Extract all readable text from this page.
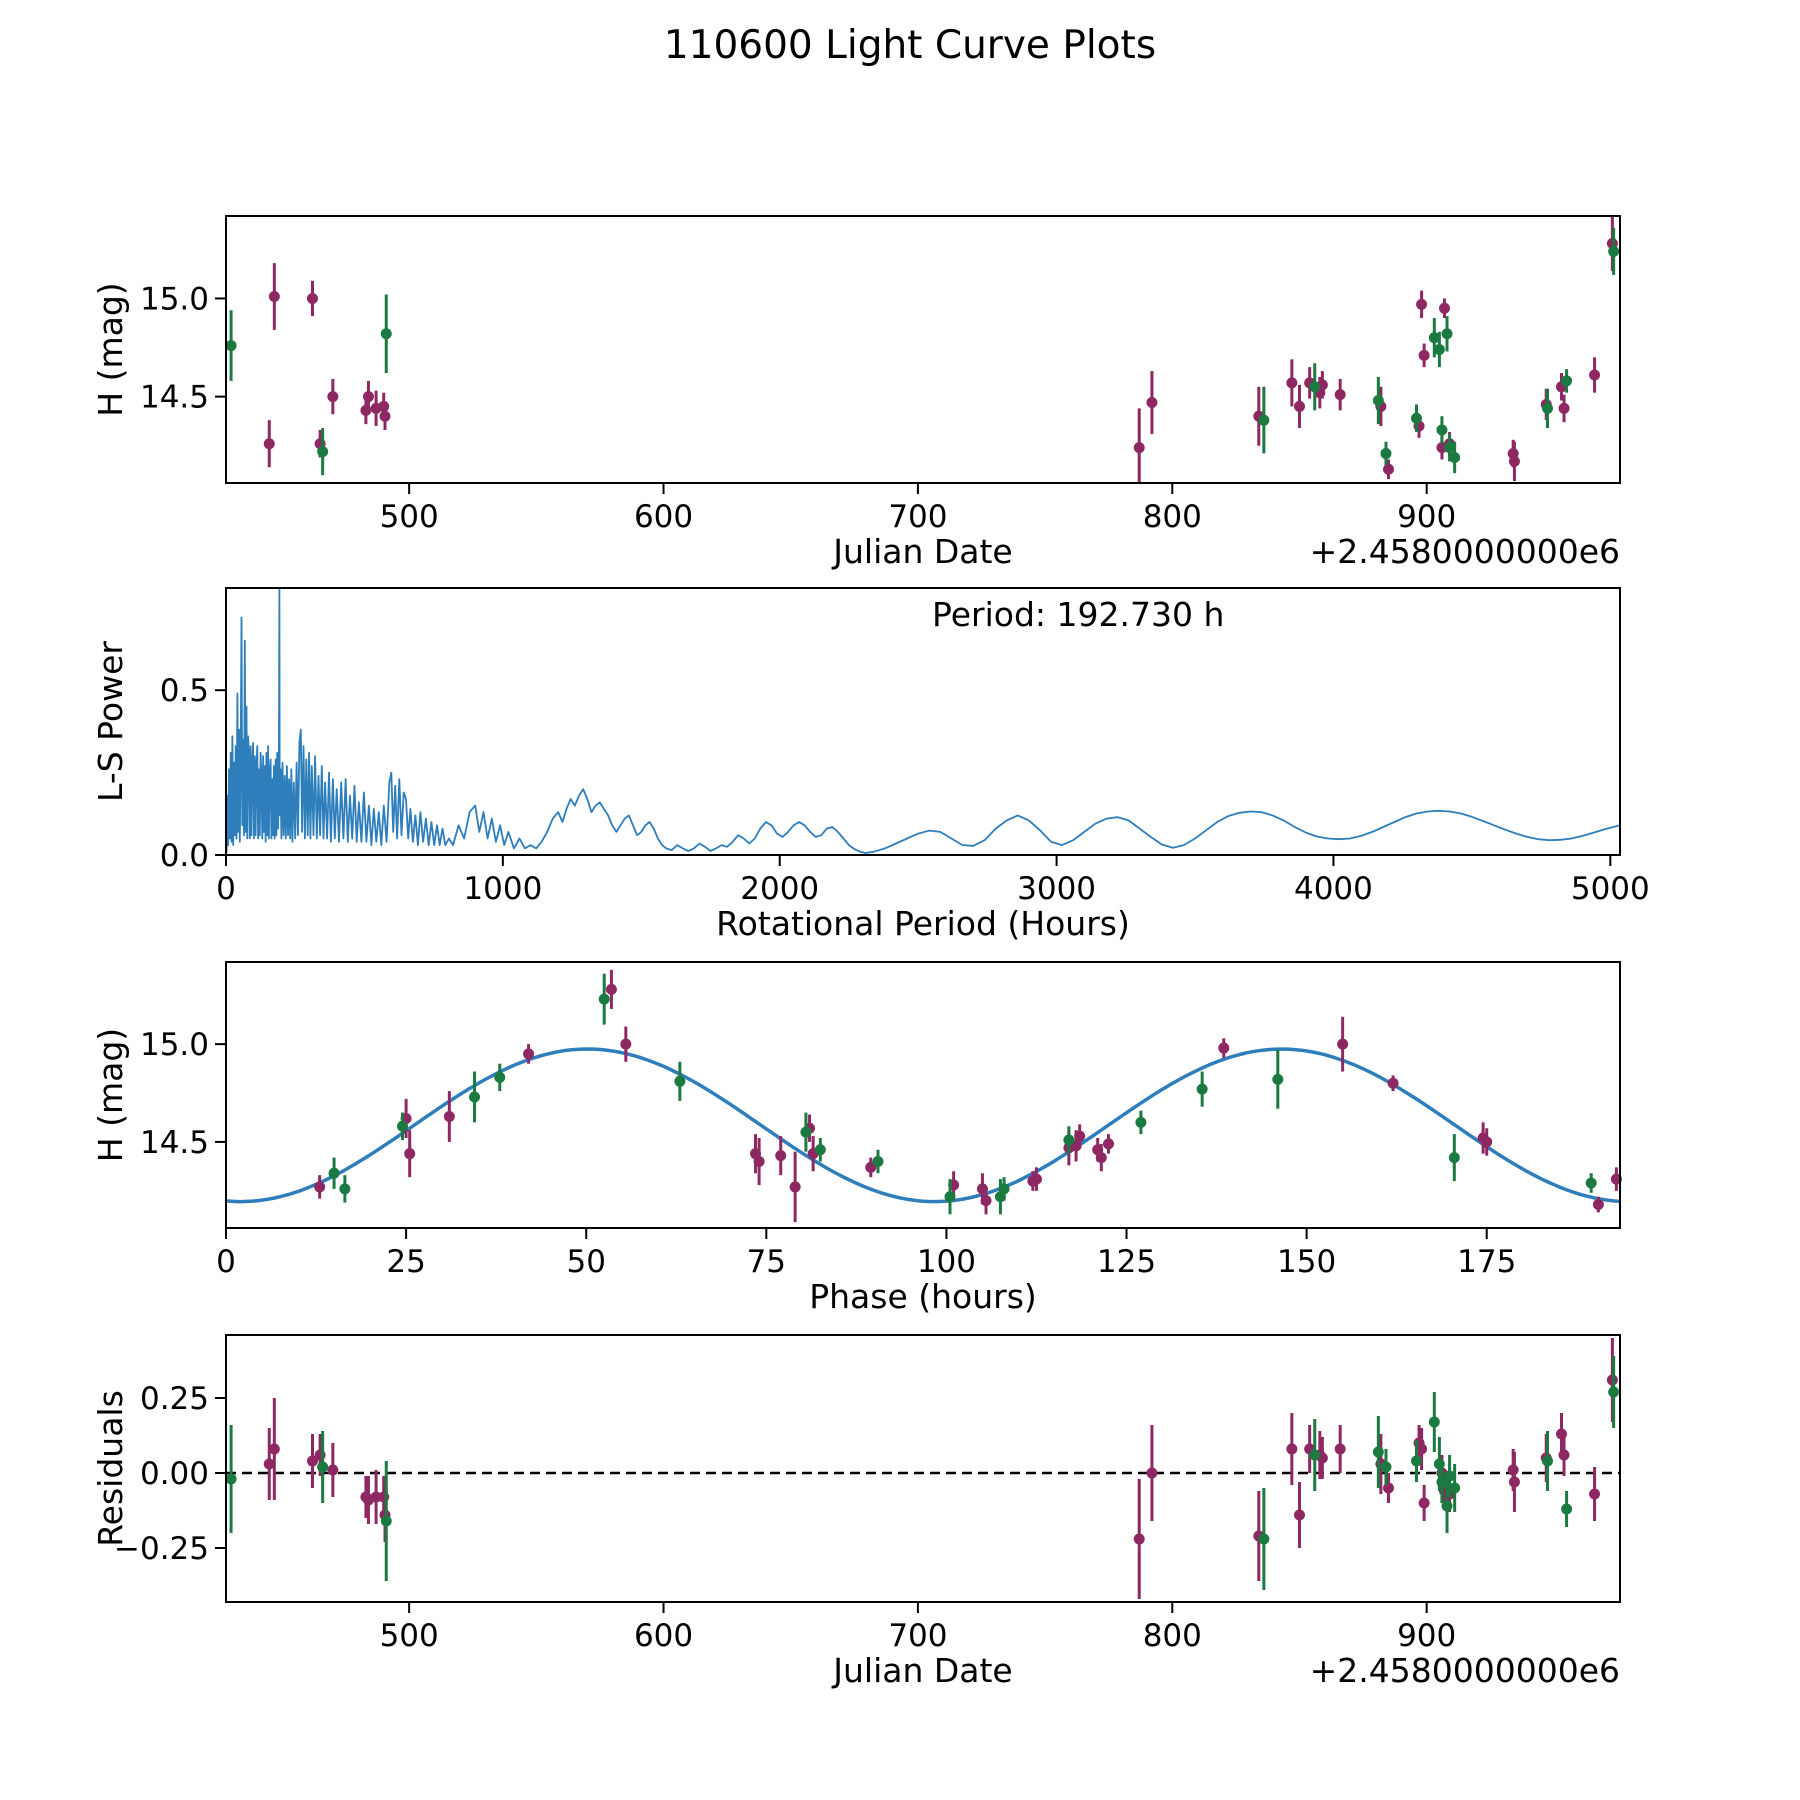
110600 Light Curve Plots
500	600	700	800	900
14.5
15.0
Julian Date	+2.4580000000e6
H (mag)
0	1000	2000	3000	4000	5000
0.0
0.5
Rotational Period (Hours)
L-S Power
Period: 192.730 h
0	25	50	75	100	125	150	175
14.5
15.0
Phase (hours)
H (mag)
500	600	700	800	900
−0.25
0.00
0.25
Julian Date	+2.4580000000e6
Residuals
